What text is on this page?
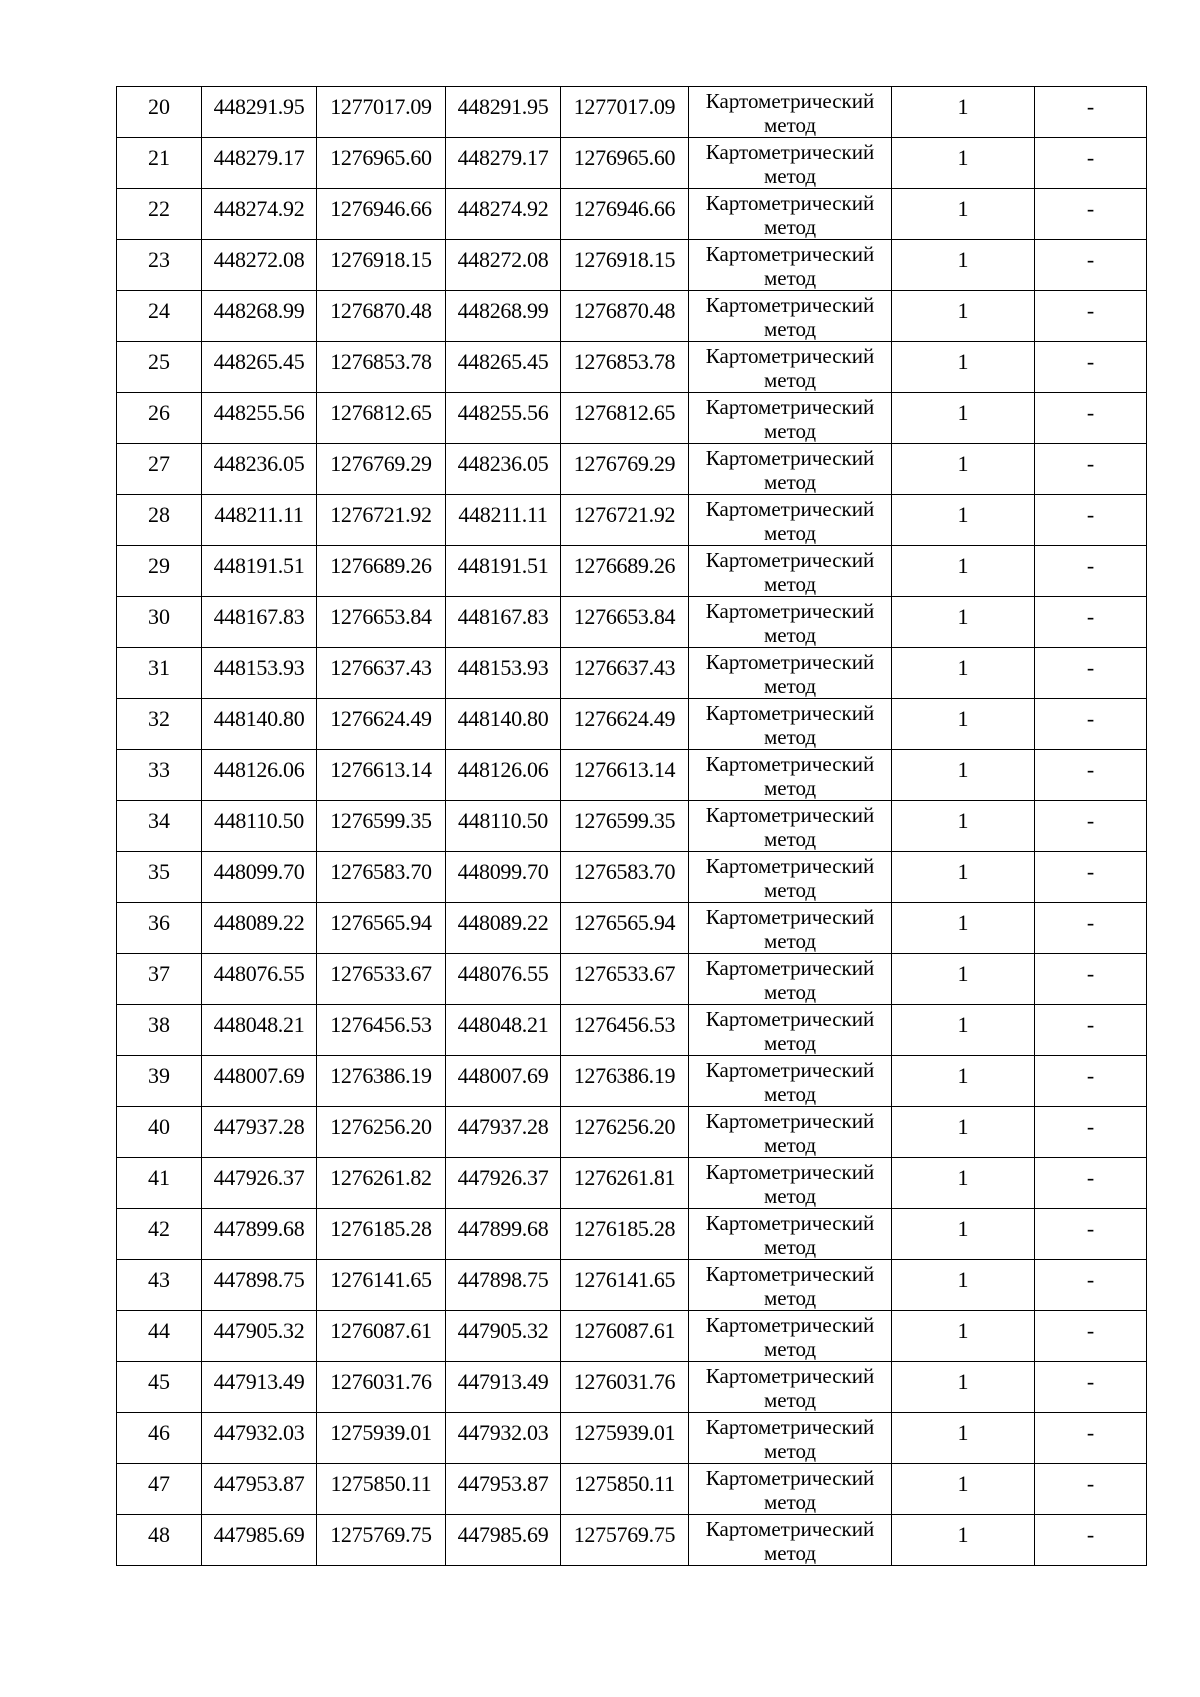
20	448291.95	1277017.09	448291.95	1277017.09	Картометрический
метод	1	-
21	448279.17	1276965.60	448279.17	1276965.60	Картометрический
метод	1	-
22	448274.92	1276946.66	448274.92	1276946.66	Картометрический
метод	1	-
23	448272.08	1276918.15	448272.08	1276918.15	Картометрический
метод	1	-
24	448268.99	1276870.48	448268.99	1276870.48	Картометрический
метод	1	-
25	448265.45	1276853.78	448265.45	1276853.78	Картометрический
метод	1	-
26	448255.56	1276812.65	448255.56	1276812.65	Картометрический
метод	1	-
27	448236.05	1276769.29	448236.05	1276769.29	Картометрический
метод	1	-
28	448211.11	1276721.92	448211.11	1276721.92	Картометрический
метод	1	-
29	448191.51	1276689.26	448191.51	1276689.26	Картометрический
метод	1	-
30	448167.83	1276653.84	448167.83	1276653.84	Картометрический
метод	1	-
31	448153.93	1276637.43	448153.93	1276637.43	Картометрический
метод	1	-
32	448140.80	1276624.49	448140.80	1276624.49	Картометрический
метод	1	-
33	448126.06	1276613.14	448126.06	1276613.14	Картометрический
метод	1	-
34	448110.50	1276599.35	448110.50	1276599.35	Картометрический
метод	1	-
35	448099.70	1276583.70	448099.70	1276583.70	Картометрический
метод	1	-
36	448089.22	1276565.94	448089.22	1276565.94	Картометрический
метод	1	-
37	448076.55	1276533.67	448076.55	1276533.67	Картометрический
метод	1	-
38	448048.21	1276456.53	448048.21	1276456.53	Картометрический
метод	1	-
39	448007.69	1276386.19	448007.69	1276386.19	Картометрический
метод	1	-
40	447937.28	1276256.20	447937.28	1276256.20	Картометрический
метод	1	-
41	447926.37	1276261.82	447926.37	1276261.81	Картометрический
метод	1	-
42	447899.68	1276185.28	447899.68	1276185.28	Картометрический
метод	1	-
43	447898.75	1276141.65	447898.75	1276141.65	Картометрический
метод	1	-
44	447905.32	1276087.61	447905.32	1276087.61	Картометрический
метод	1	-
45	447913.49	1276031.76	447913.49	1276031.76	Картометрический
метод	1	-
46	447932.03	1275939.01	447932.03	1275939.01	Картометрический
метод	1	-
47	447953.87	1275850.11	447953.87	1275850.11	Картометрический
метод	1	-
48	447985.69	1275769.75	447985.69	1275769.75	Картометрический
метод	1	-
